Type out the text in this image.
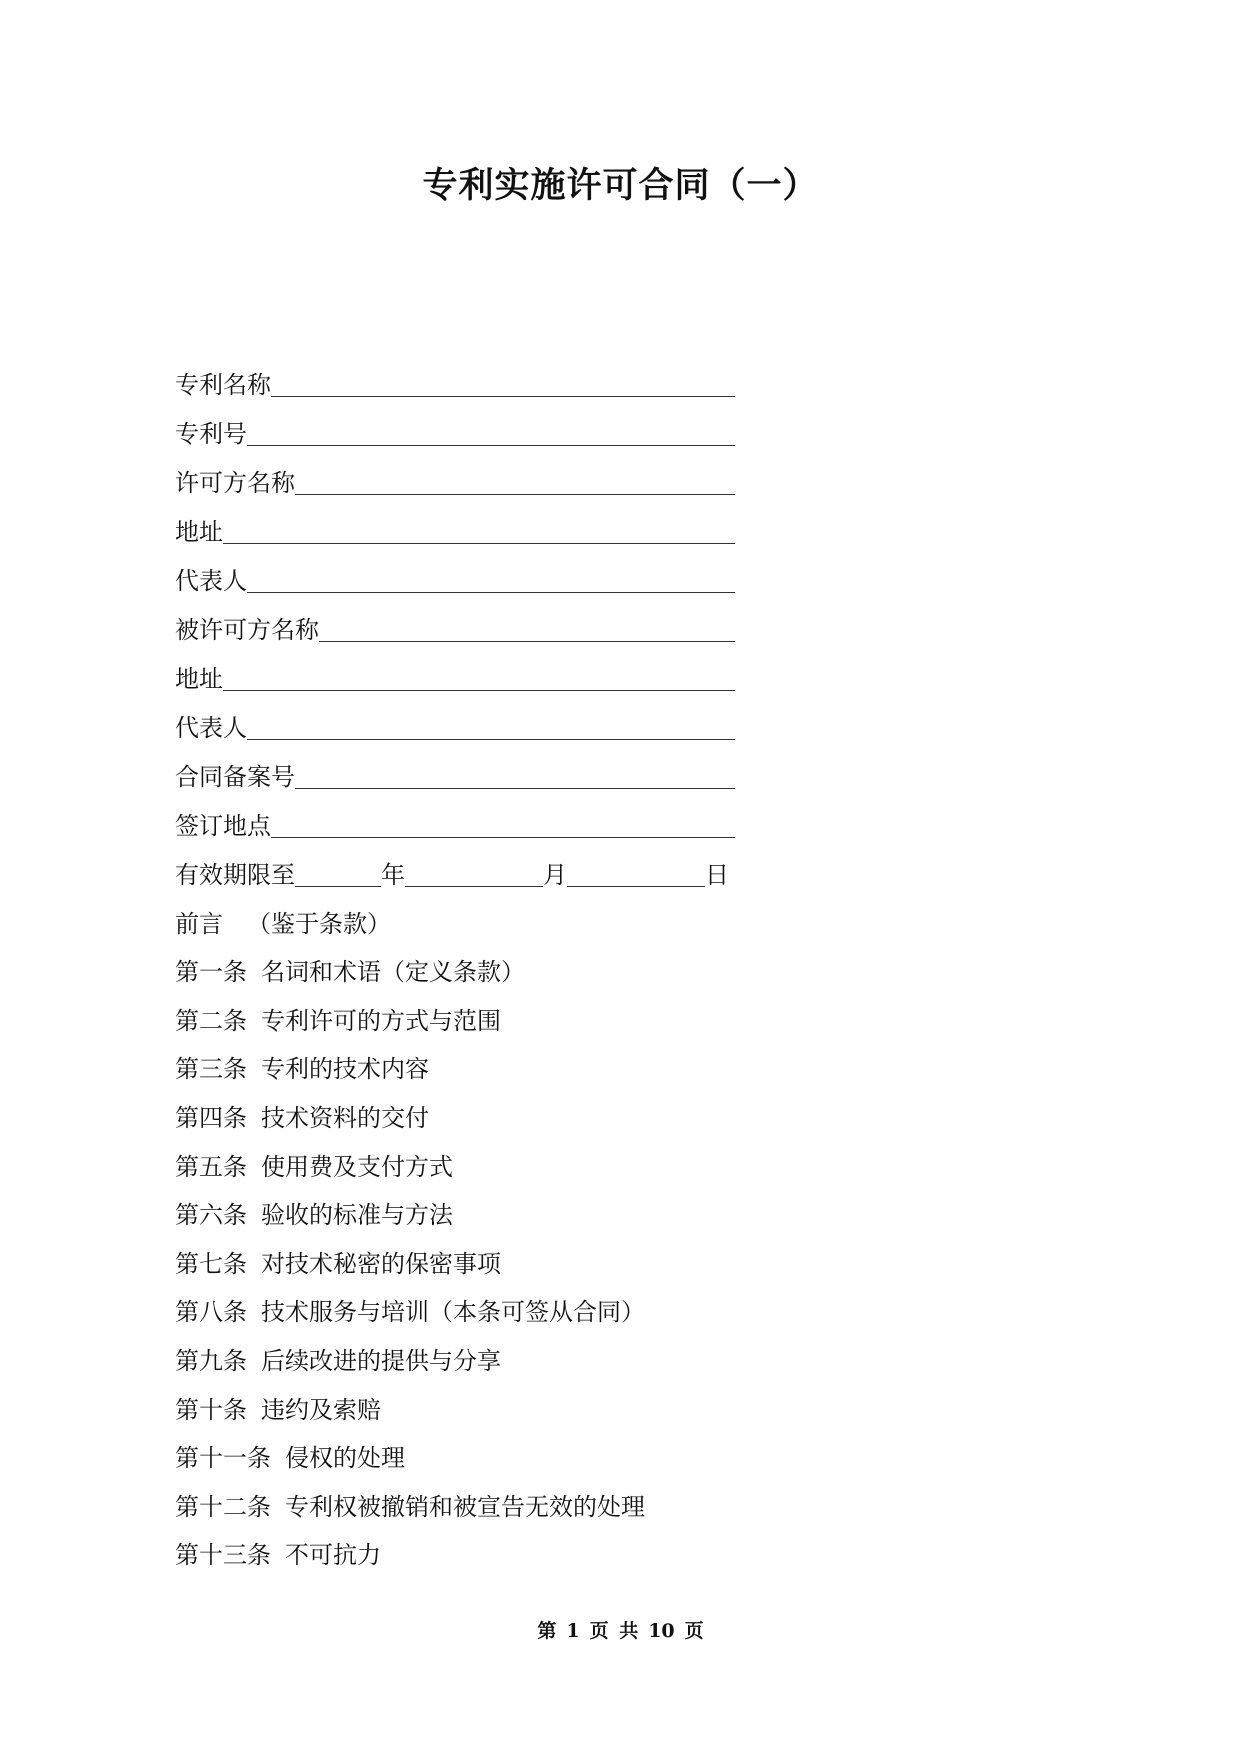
专利实施许可合同（一）
专利名称
专利号
许可方名称
地址
代表人
被许可方名称
地址
代表人
合同备案号
签订地点
有效期限至	年	月	日
前言 （鉴于条款）
第一条 名词和术语（定义条款）
第二条 专利许可的方式与范围
第三条 专利的技术内容
第四条 技术资料的交付
第五条 使用费及支付方式
第六条 验收的标准与方法
第七条 对技术秘密的保密事项
第八条 技术服务与培训（本条可签从合同）
第九条 后续改进的提供与分享
第十条 违约及索赔
第十一条 侵权的处理
第十二条 专利权被撤销和被宣告无效的处理
第十三条 不可抗力
第 1 页 共 10 页
